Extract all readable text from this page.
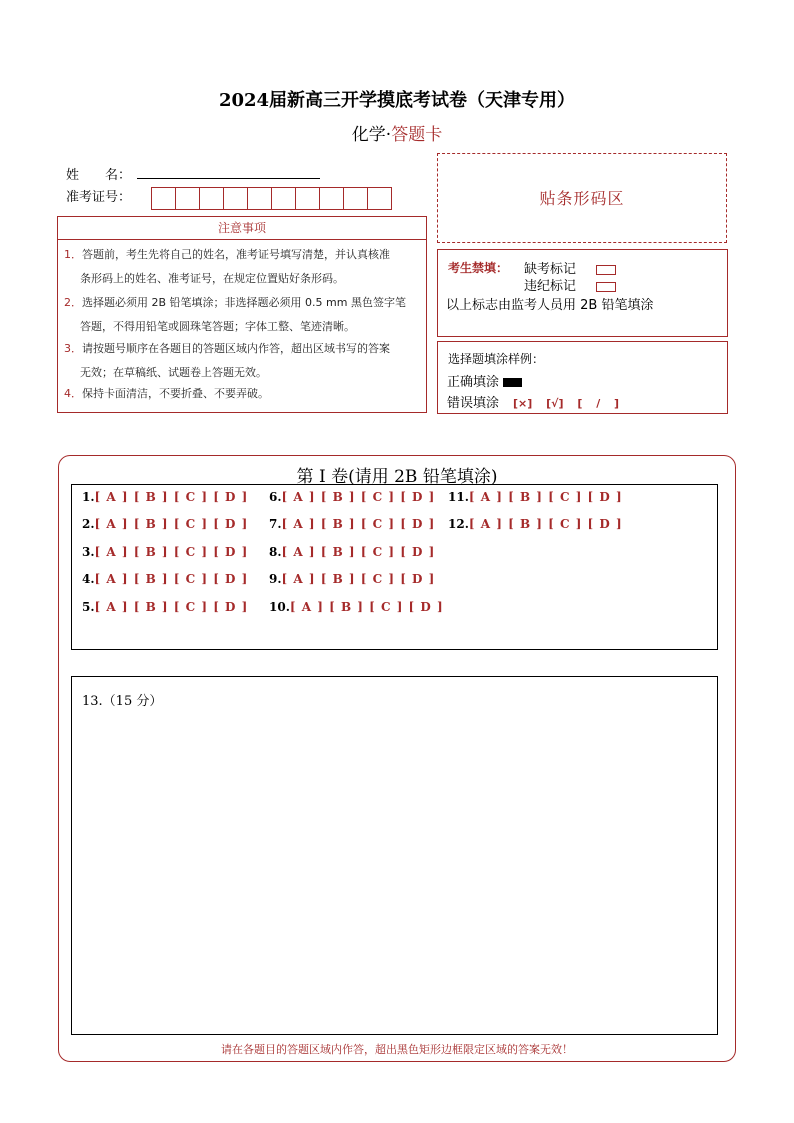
2024届新高三开学摸底考试卷（天津专用）
化学·答题卡
姓　　名：
准考证号：	贴条形码区
注意事项
1．答题前，考生先将自己的姓名，准考证号填写清楚，并认真核准
条形码上的姓名、准考证号，在规定位置贴好条形码。
2．选择题必须用 2B 铅笔填涂；非选择题必须用 0.5 mm 黑色签字笔
答题，不得用铅笔或圆珠笔答题；字体工整、笔迹清晰。
3．请按题号顺序在各题目的答题区域内作答，超出区域书写的答案
无效；在草稿纸、试题卷上答题无效。
4．保持卡面清洁，不要折叠、不要弄破。
考生禁填： 缺考标记
违纪标记
以上标志由监考人员用 2B 铅笔填涂
选择题填涂样例：
正确填涂
错误填涂 [×] [√] [ / ]
第 I 卷(请用 2B 铅笔填涂)
1.[ A ] [ B ] [ C ] [ D ]
2.[ A ] [ B ] [ C ] [ D ]
3.[ A ] [ B ] [ C ] [ D ]
4.[ A ] [ B ] [ C ] [ D ]
5.[ A ] [ B ] [ C ] [ D ]
6.[ A ] [ B ] [ C ] [ D ]
7.[ A ] [ B ] [ C ] [ D ]
8.[ A ] [ B ] [ C ] [ D ]
9.[ A ] [ B ] [ C ] [ D ]
10.[ A ] [ B ] [ C ] [ D ]
11.[ A ] [ B ] [ C ] [ D ]
12.[ A ] [ B ] [ C ] [ D ]
13.（15 分）
请在各题目的答题区域内作答，超出黑色矩形边框限定区域的答案无效！
